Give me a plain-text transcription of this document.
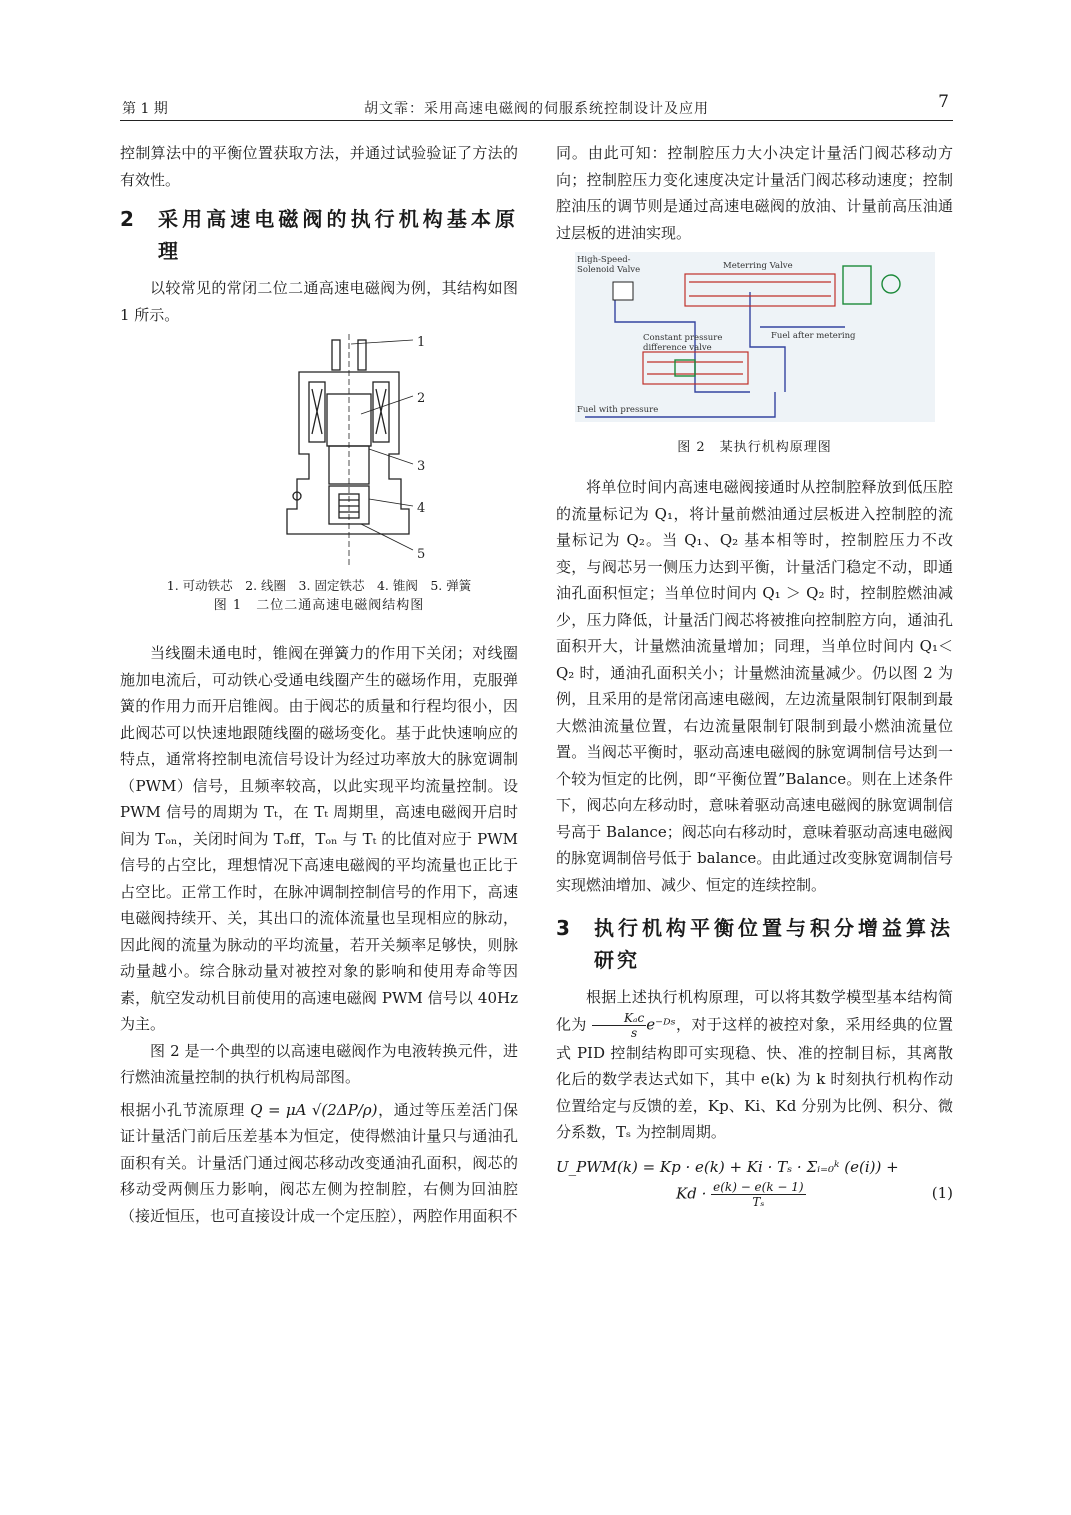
第 1 期	胡文霏：采用高速电磁阀的伺服系统控制设计及应用	7

控制算法中的平衡位置获取方法，并通过试验验证了方法的有效性。

2	采用高速电磁阀的执行机构基本原理

以较常见的常闭二位二通高速电磁阀为例，其结构如图 1 所示。

1
2
3
4
5
1. 可动铁芯　2. 线圈　3. 固定铁芯　4. 锥阀　5. 弹簧
图 1　二位二通高速电磁阀结构图

当线圈未通电时，锥阀在弹簧力的作用下关闭；对线圈施加电流后，可动铁心受通电线圈产生的磁场作用，克服弹簧的作用力而开启锥阀。由于阀芯的质量和行程均很小，因此阀芯可以快速地跟随线圈的磁场变化。基于此快速响应的特点，通常将控制电流信号设计为经过功率放大的脉宽调制（PWM）信号，且频率较高，以此实现平均流量控制。设 PWM 信号的周期为 Tₜ，在 Tₜ 周期里，高速电磁阀开启时间为 Tₒₙ，关闭时间为 Tₒff，Tₒₙ 与 Tₜ 的比值对应于 PWM 信号的占空比，理想情况下高速电磁阀的平均流量也正比于占空比。正常工作时，在脉冲调制控制信号的作用下，高速电磁阀持续开、关，其出口的流体流量也呈现相应的脉动，因此阀的流量为脉动的平均流量，若开关频率足够快，则脉动量越小。综合脉动量对被控对象的影响和使用寿命等因素，航空发动机目前使用的高速电磁阀 PWM 信号以 40Hz 为主。

图 2 是一个典型的以高速电磁阀作为电液转换元件，进行燃油流量控制的执行机构局部图。

根据小孔节流原理 Q = μA √(2ΔP/ρ)，通过等压差活门保证计量活门前后压差基本为恒定，使得燃油计量只与通油孔面积有关。计量活门通过阀芯移动改变通油孔面积，阀芯的移动受两侧压力影响，阀芯左侧为控制腔，右侧为回油腔（接近恒压，也可直接设计成一个定压腔），两腔作用面积不

同。由此可知：控制腔压力大小决定计量活门阀芯移动方向；控制腔压力变化速度决定计量活门阀芯移动速度；控制腔油压的调节则是通过高速电磁阀的放油、计量前高压油通过层板的进油实现。

High-Speed-
Solenoid Valve	Meterring Valve
Fuel after metering
Constant pressure
difference valve
Fuel with pressure
图 2　某执行机构原理图

将单位时间内高速电磁阀接通时从控制腔释放到低压腔的流量标记为 Q₁，将计量前燃油通过层板进入控制腔的流量标记为 Q₂。当 Q₁、Q₂ 基本相等时，控制腔压力不改变，与阀芯另一侧压力达到平衡，计量活门稳定不动，即通油孔面积恒定；当单位时间内 Q₁ ＞ Q₂ 时，控制腔燃油减少，压力降低，计量活门阀芯将被推向控制腔方向，通油孔面积开大，计量燃油流量增加；同理，当单位时间内 Q₁＜Q₂ 时，通油孔面积关小；计量燃油流量减少。仍以图 2 为例，且采用的是常闭高速电磁阀，左边流量限制钉限制到最大燃油流量位置，右边流量限制钉限制到最小燃油流量位置。当阀芯平衡时，驱动高速电磁阀的脉宽调制信号达到一个较为恒定的比例，即“平衡位置”Balance。则在上述条件下，阀芯向左移动时，意味着驱动高速电磁阀的脉宽调制信号高于 Balance；阀芯向右移动时，意味着驱动高速电磁阀的脉宽调制倍号低于 balance。由此通过改变脉宽调制信号实现燃油增加、减少、恒定的连续控制。

3	执行机构平衡位置与积分增益算法研究

根据上述执行机构原理，可以将其数学模型基本结构简化为 $\frac{\text{Kₐc}}{s}$ e⁻ᴰˢ，对于这样的被控对象，采用经典的位置式 PID 控制结构即可实现稳、快、准的控制目标，其离散化后的数学表达式如下，其中 e(k) 为 k 时刻执行机构作动位置给定与反馈的差，Kp、Ki、Kd 分别为比例、积分、微分系数，Tₛ 为控制周期。

U_PWM(k) = Kp · e(k) + Ki · Tₛ · Σᵢ₌₀ᵏ (e(i)) +
$Kd \cdot \frac{e(k) - e(k - 1)}{\text{Tₛ}}$	(1)
